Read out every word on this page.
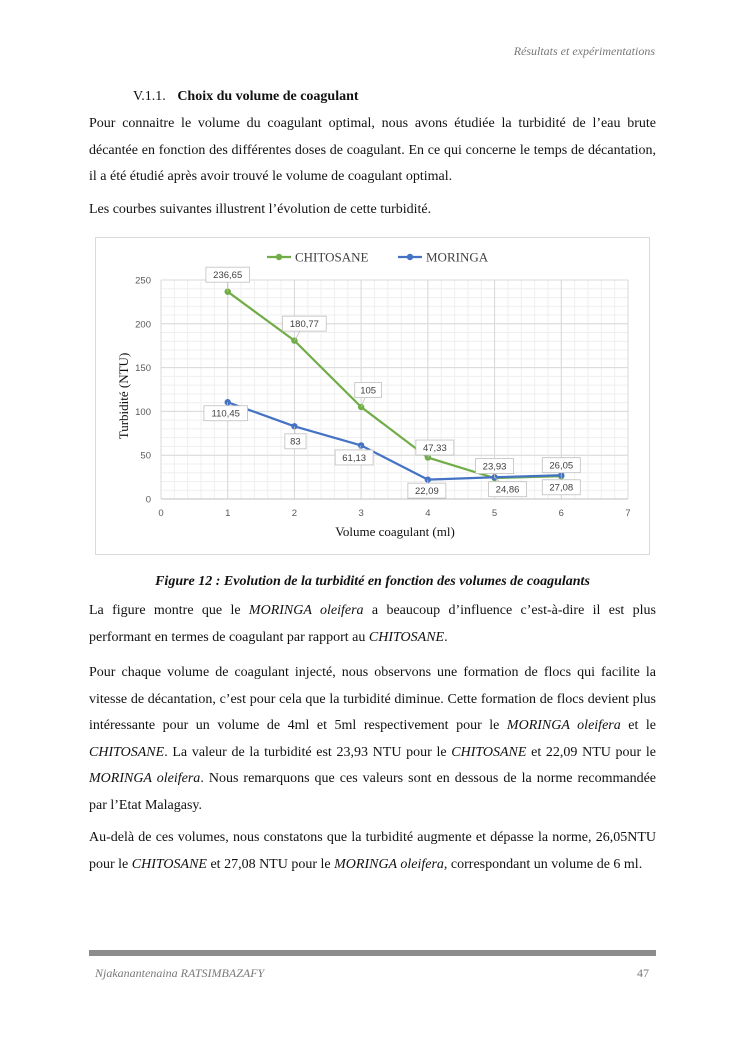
Résultats et expérimentations
V.1.1. Choix du volume de coagulant

Pour connaitre le volume du coagulant optimal, nous avons étudiée la turbidité de l’eau brute décantée en fonction des différentes doses de coagulant. En ce qui concerne le temps de décantation, il a été étudié après avoir trouvé le volume de coagulant optimal.

Les courbes suivantes illustrent l’évolution de cette turbidité.

0	1	2	3	4	5	6	7
0
50
100
150
200
250	236,65
180,77
105
47,33
23,93	26,05
110,45
83
61,13
22,09	24,86	27,08
CHITOSANE	MORINGA
Turbidité (NTU)
Volume coagulant (ml)
Figure 12 : Evolution de la turbidité en fonction des volumes de coagulants

La figure montre que le MORINGA oleifera a beaucoup d’influence c’est-à-dire il est plus performant en termes de coagulant par rapport au CHITOSANE.

Pour chaque volume de coagulant injecté, nous observons une formation de flocs qui facilite la vitesse de décantation, c’est pour cela que la turbidité diminue. Cette formation de flocs devient plus intéressante pour un volume de 4ml et 5ml respectivement pour le MORINGA oleifera et le CHITOSANE. La valeur de la turbidité est 23,93 NTU pour le CHITOSANE et 22,09 NTU pour le MORINGA oleifera. Nous remarquons que ces valeurs sont en dessous de la norme recommandée par l’Etat Malagasy.

Au-delà de ces volumes, nous constatons que la turbidité augmente et dépasse la norme, 26,05NTU pour le CHITOSANE et 27,08 NTU pour le MORINGA oleifera, correspondant un volume de 6 ml.

Njakanantenaina RATSIMBAZAFY	47
